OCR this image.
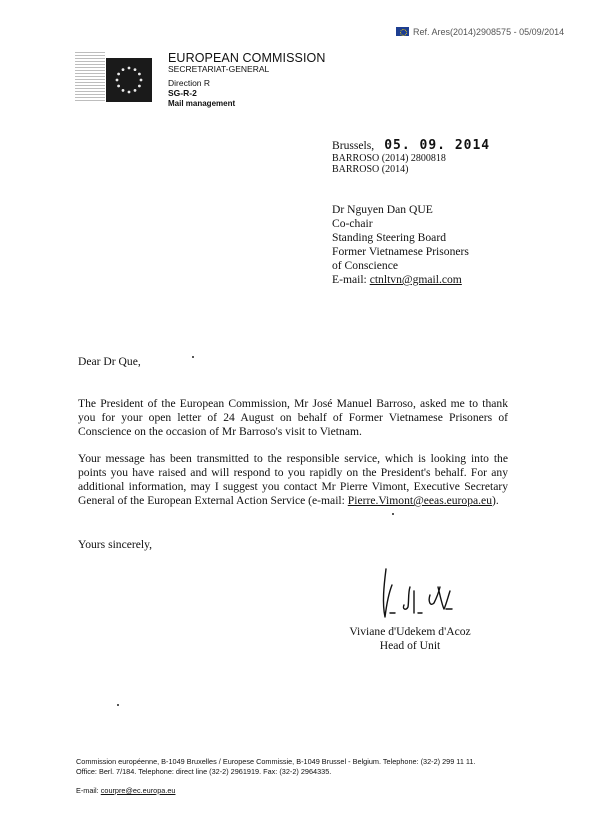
Ref. Ares(2014)2908575 - 05/09/2014
EUROPEAN COMMISSION
SECRETARIAT-GENERAL
Direction R
SG-R-2
Mail management
Brussels, 05. 09. 2014
BARROSO (2014) 2800818
BARROSO (2014)
Dr Nguyen Dan QUE
Co-chair
Standing Steering Board
Former Vietnamese Prisoners
of Conscience
E-mail: ctnltvn@gmail.com
Dear Dr Que,
The President of the European Commission, Mr José Manuel Barroso, asked me to thank you for your open letter of 24 August on behalf of Former Vietnamese Prisoners of Conscience on the occasion of Mr Barroso's visit to Vietnam.
Your message has been transmitted to the responsible service, which is looking into the points you have raised and will respond to you rapidly on the President's behalf. For any additional information, may I suggest you contact Mr Pierre Vimont, Executive Secretary General of the European External Action Service (e-mail: Pierre.Vimont@eeas.europa.eu).
Yours sincerely,
Viviane d'Udekem d'Acoz
Head of Unit
Commission européenne, B-1049 Bruxelles / Europese Commissie, B-1049 Brussel - Belgium. Telephone: (32-2) 299 11 11.
Office: Berl. 7/184. Telephone: direct line (32-2) 2961919. Fax: (32-2) 2964335.
E-mail: courpre@ec.europa.eu
